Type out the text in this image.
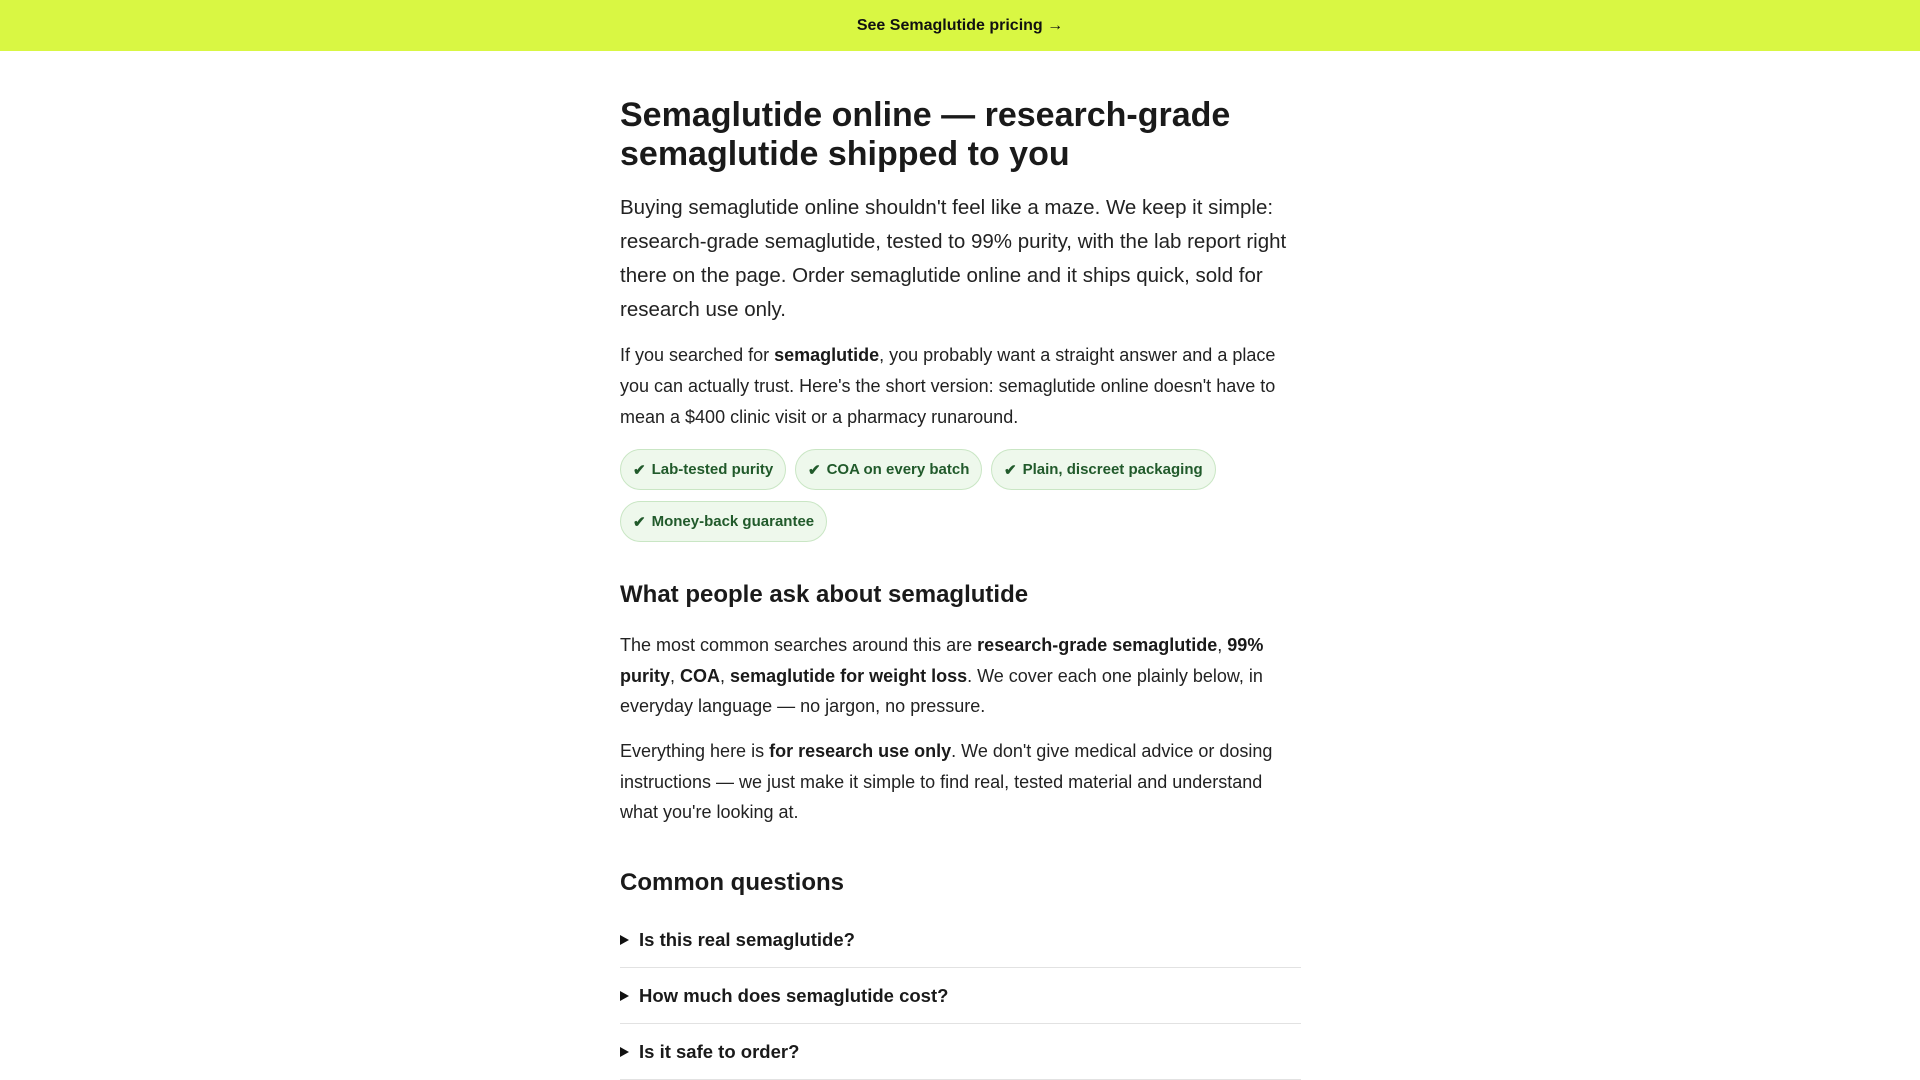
See Semaglutide pricing →
Semaglutide online — research-grade semaglutide shipped to you

Buying semaglutide online shouldn't feel like a maze. We keep it simple: research-grade semaglutide, tested to 99% purity, with the lab report right there on the page. Order semaglutide online and it ships quick, sold for research use only.

If you searched for semaglutide, you probably want a straight answer and a place you can actually trust. Here's the short version: semaglutide online doesn't have to mean a $400 clinic visit or a pharmacy runaround.

✔ Lab-tested purity ✔ COA on every batch ✔ Plain, discreet packaging
✔ Money-back guarantee
What people ask about semaglutide

The most common searches around this are research-grade semaglutide, 99% purity, COA, semaglutide for weight loss. We cover each one plainly below, in everyday language — no jargon, no pressure.

Everything here is for research use only. We don't give medical advice or dosing instructions — we just make it simple to find real, tested material and understand what you're looking at.

Common questions
Is this real semaglutide?
How much does semaglutide cost?
Is it safe to order?
